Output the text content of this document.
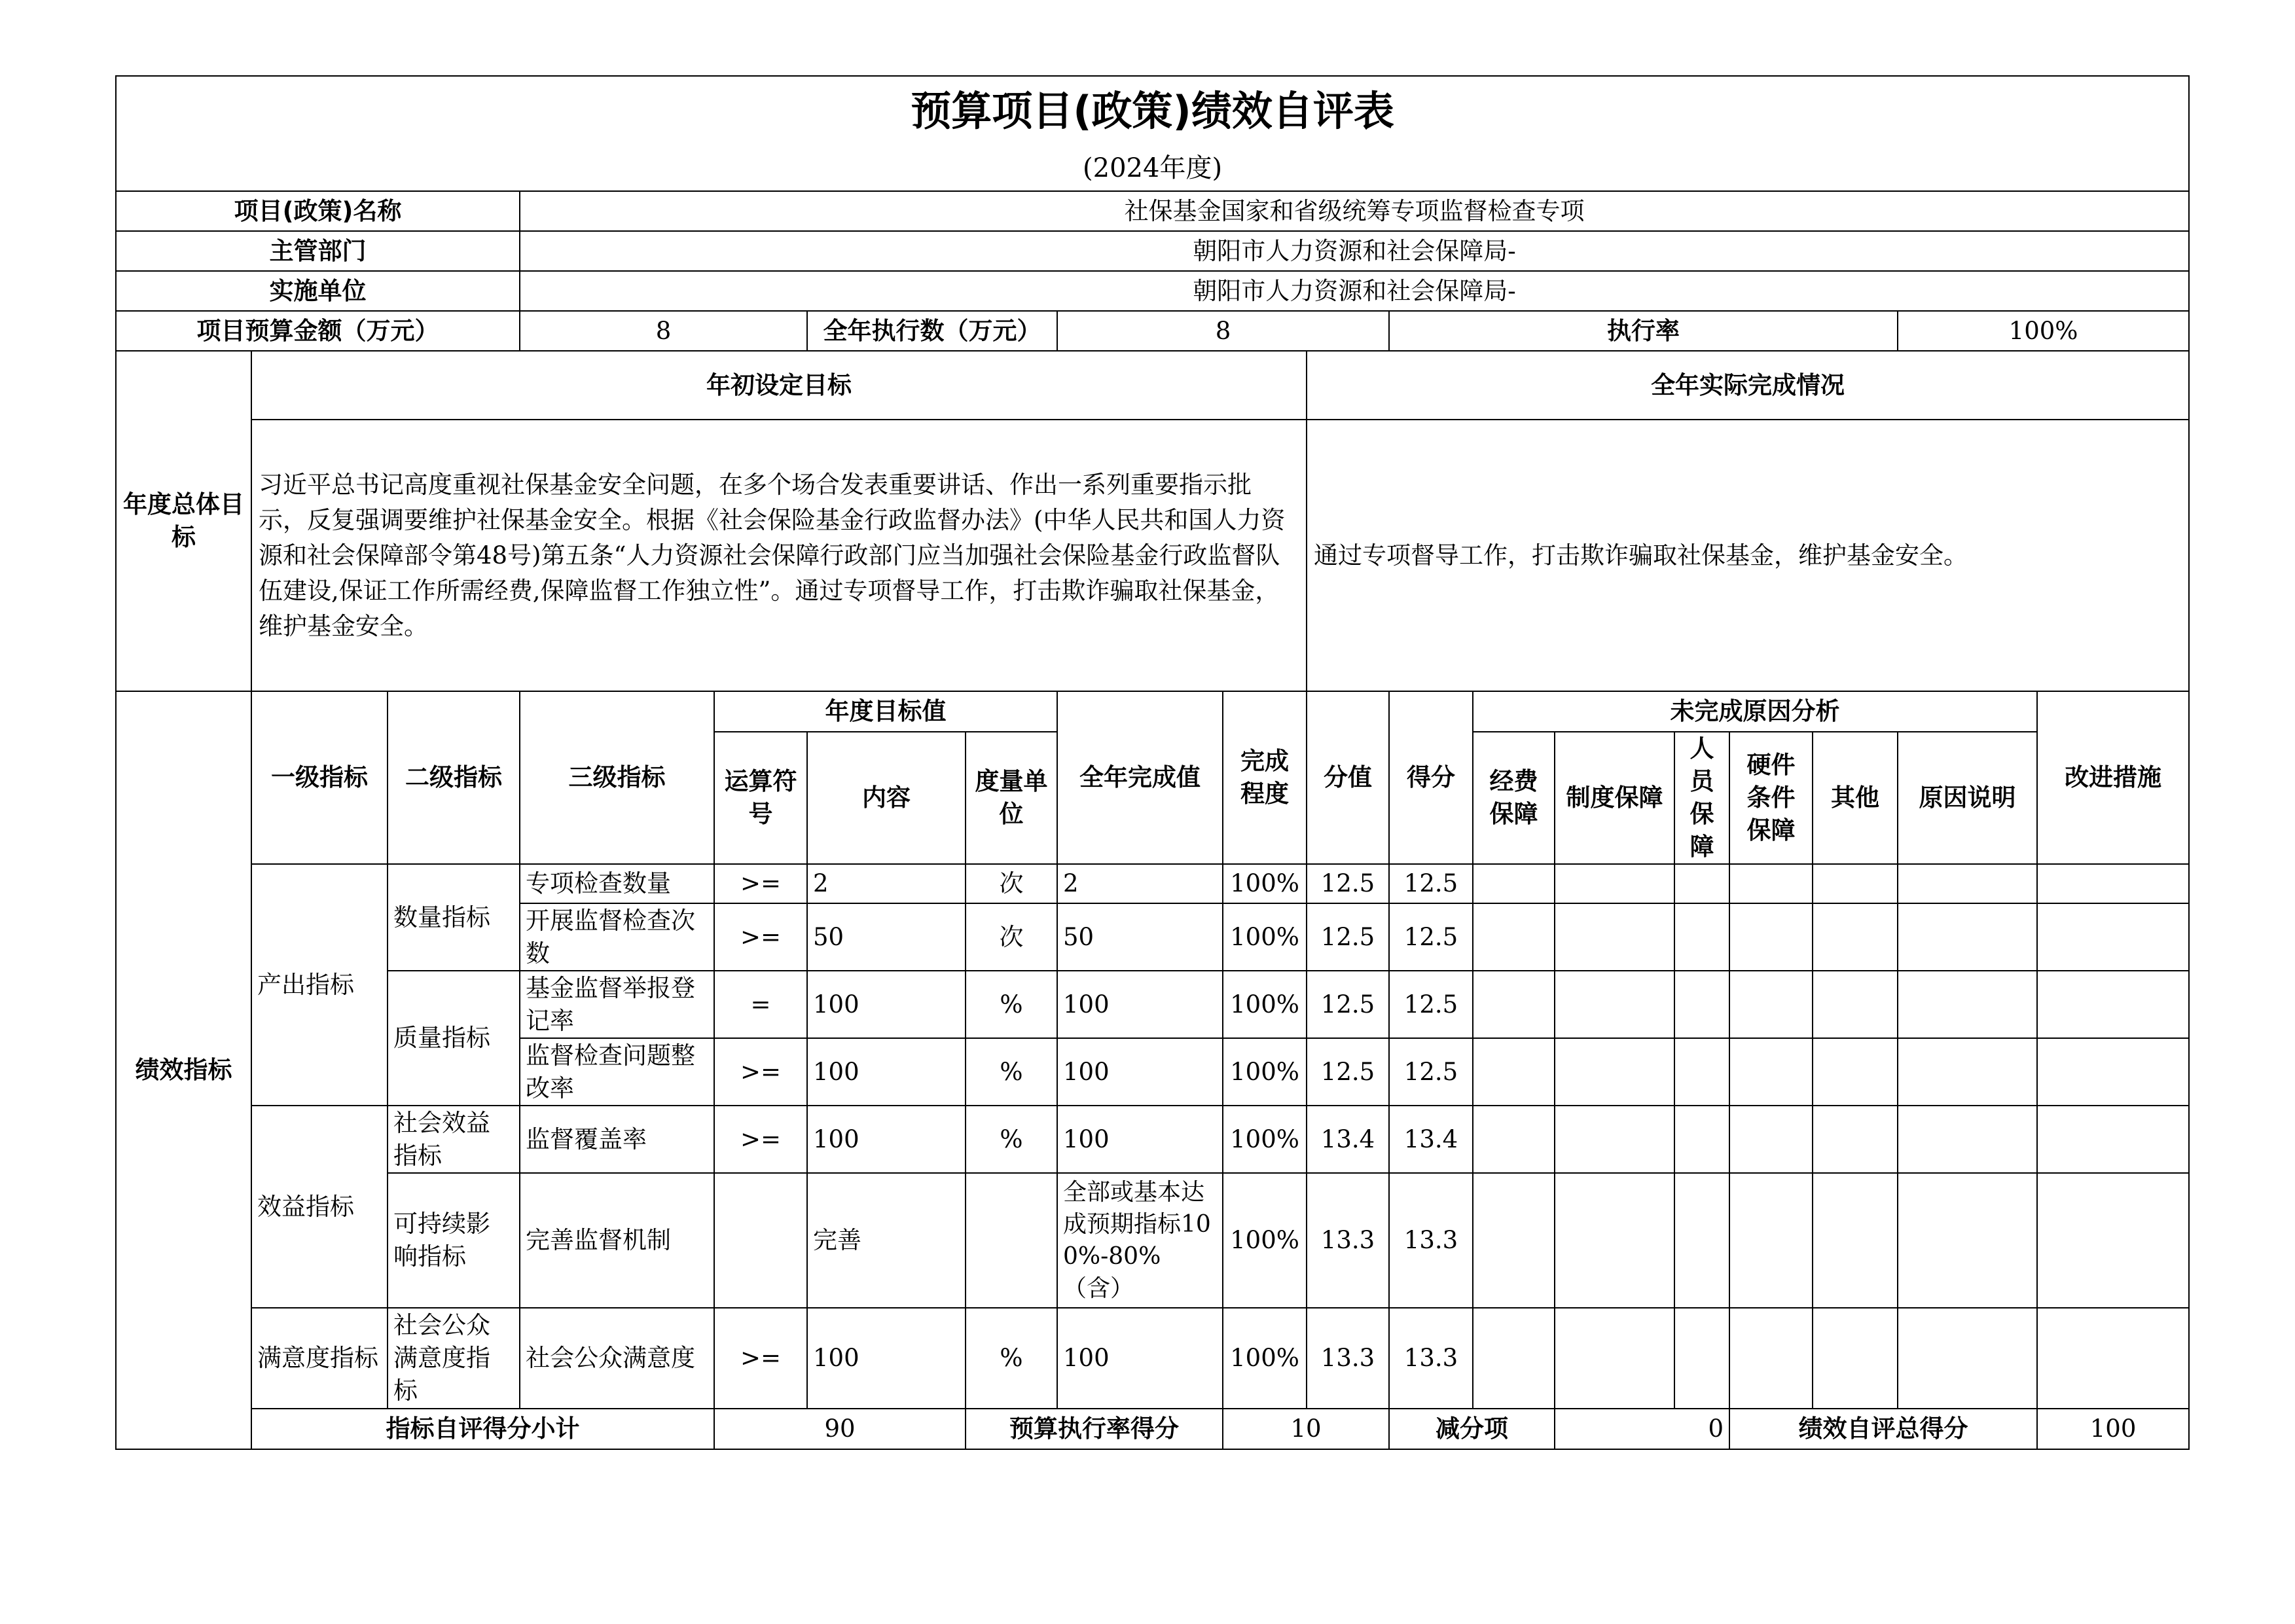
预算项目(政策)绩效自评表																	
(2024年度)																	
项目(政策)名称			社保基金国家和省级统筹专项监督检查专项														
主管部门			朝阳市人力资源和社会保障局-														
实施单位			朝阳市人力资源和社会保障局-														
项目预算金额（万元）			8		全年执行数（万元）		8			执行率						100%	
年度总体目标	年初设定目标								全年实际完成情况								
	习近平总书记高度重视社保基金安全问题，在多个场合发表重要讲话、作出一系列重要指示批示，反复强调要维护社保基金安全。根据《社会保险基金行政监督办法》(中华人民共和国人力资源和社会保障部令第48号)第五条“人力资源社会保障行政部门应当加强社会保险基金行政监督队伍建设,保证工作所需经费,保障监督工作独立性”。通过专项督导工作，打击欺诈骗取社保基金，维护基金安全。								通过专项督导工作，打击欺诈骗取社保基金，维护基金安全。								
绩效指标	一级指标	二级指标	三级指标	年度目标值			全年完成值	完成程度	分值	得分	未完成原因分析						改进措施
				运算符号	内容	度量单位					经费保障	制度保障	人员保障	硬件条件保障	其他	原因说明	
	产出指标	数量指标	专项检查数量	>=	2	次	2	100%	12.5	12.5							
			开展监督检查次数	>=	50	次	50	100%	12.5	12.5							
		质量指标	基金监督举报登记率	=	100	%	100	100%	12.5	12.5							
			监督检查问题整改率	>=	100	%	100	100%	12.5	12.5							
	效益指标	社会效益指标	监督覆盖率	>=	100	%	100	100%	13.4	13.4							
		可持续影响指标	完善监督机制		完善		全部或基本达成预期指标100%-80%（含）	100%	13.3	13.3							
	满意度指标	社会公众满意度指标	社会公众满意度	>=	100	%	100	100%	13.3	13.3							
	指标自评得分小计			90		预算执行率得分		10		减分项		0		绩效自评总得分			100
